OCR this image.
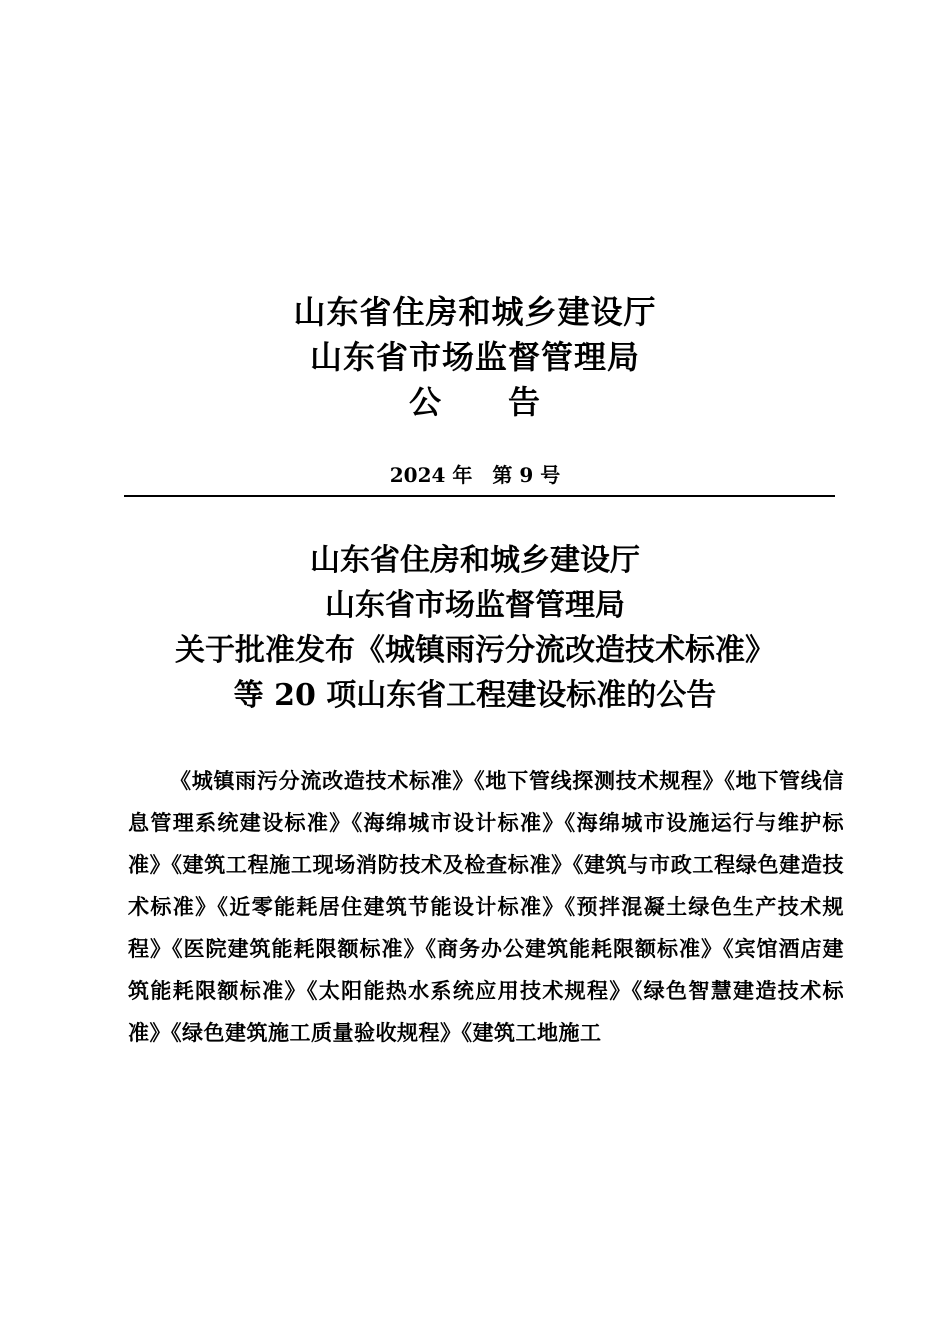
山东省住房和城乡建设厅
山东省市场监督管理局
公　　告
2024 年　第 9 号
山东省住房和城乡建设厅
山东省市场监督管理局
关于批准发布《城镇雨污分流改造技术标准》
等 20 项山东省工程建设标准的公告
《城镇雨污分流改造技术标准》《地下管线探测技术规程》《地下管线信息管理系统建设标准》《海绵城市设计标准》《海绵城市设施运行与维护标准》《建筑工程施工现场消防技术及检查标准》《建筑与市政工程绿色建造技术标准》《近零能耗居住建筑节能设计标准》《预拌混凝土绿色生产技术规程》《医院建筑能耗限额标准》《商务办公建筑能耗限额标准》《宾馆酒店建筑能耗限额标准》《太阳能热水系统应用技术规程》《绿色智慧建造技术标准》《绿色建筑施工质量验收规程》《建筑工地施工
